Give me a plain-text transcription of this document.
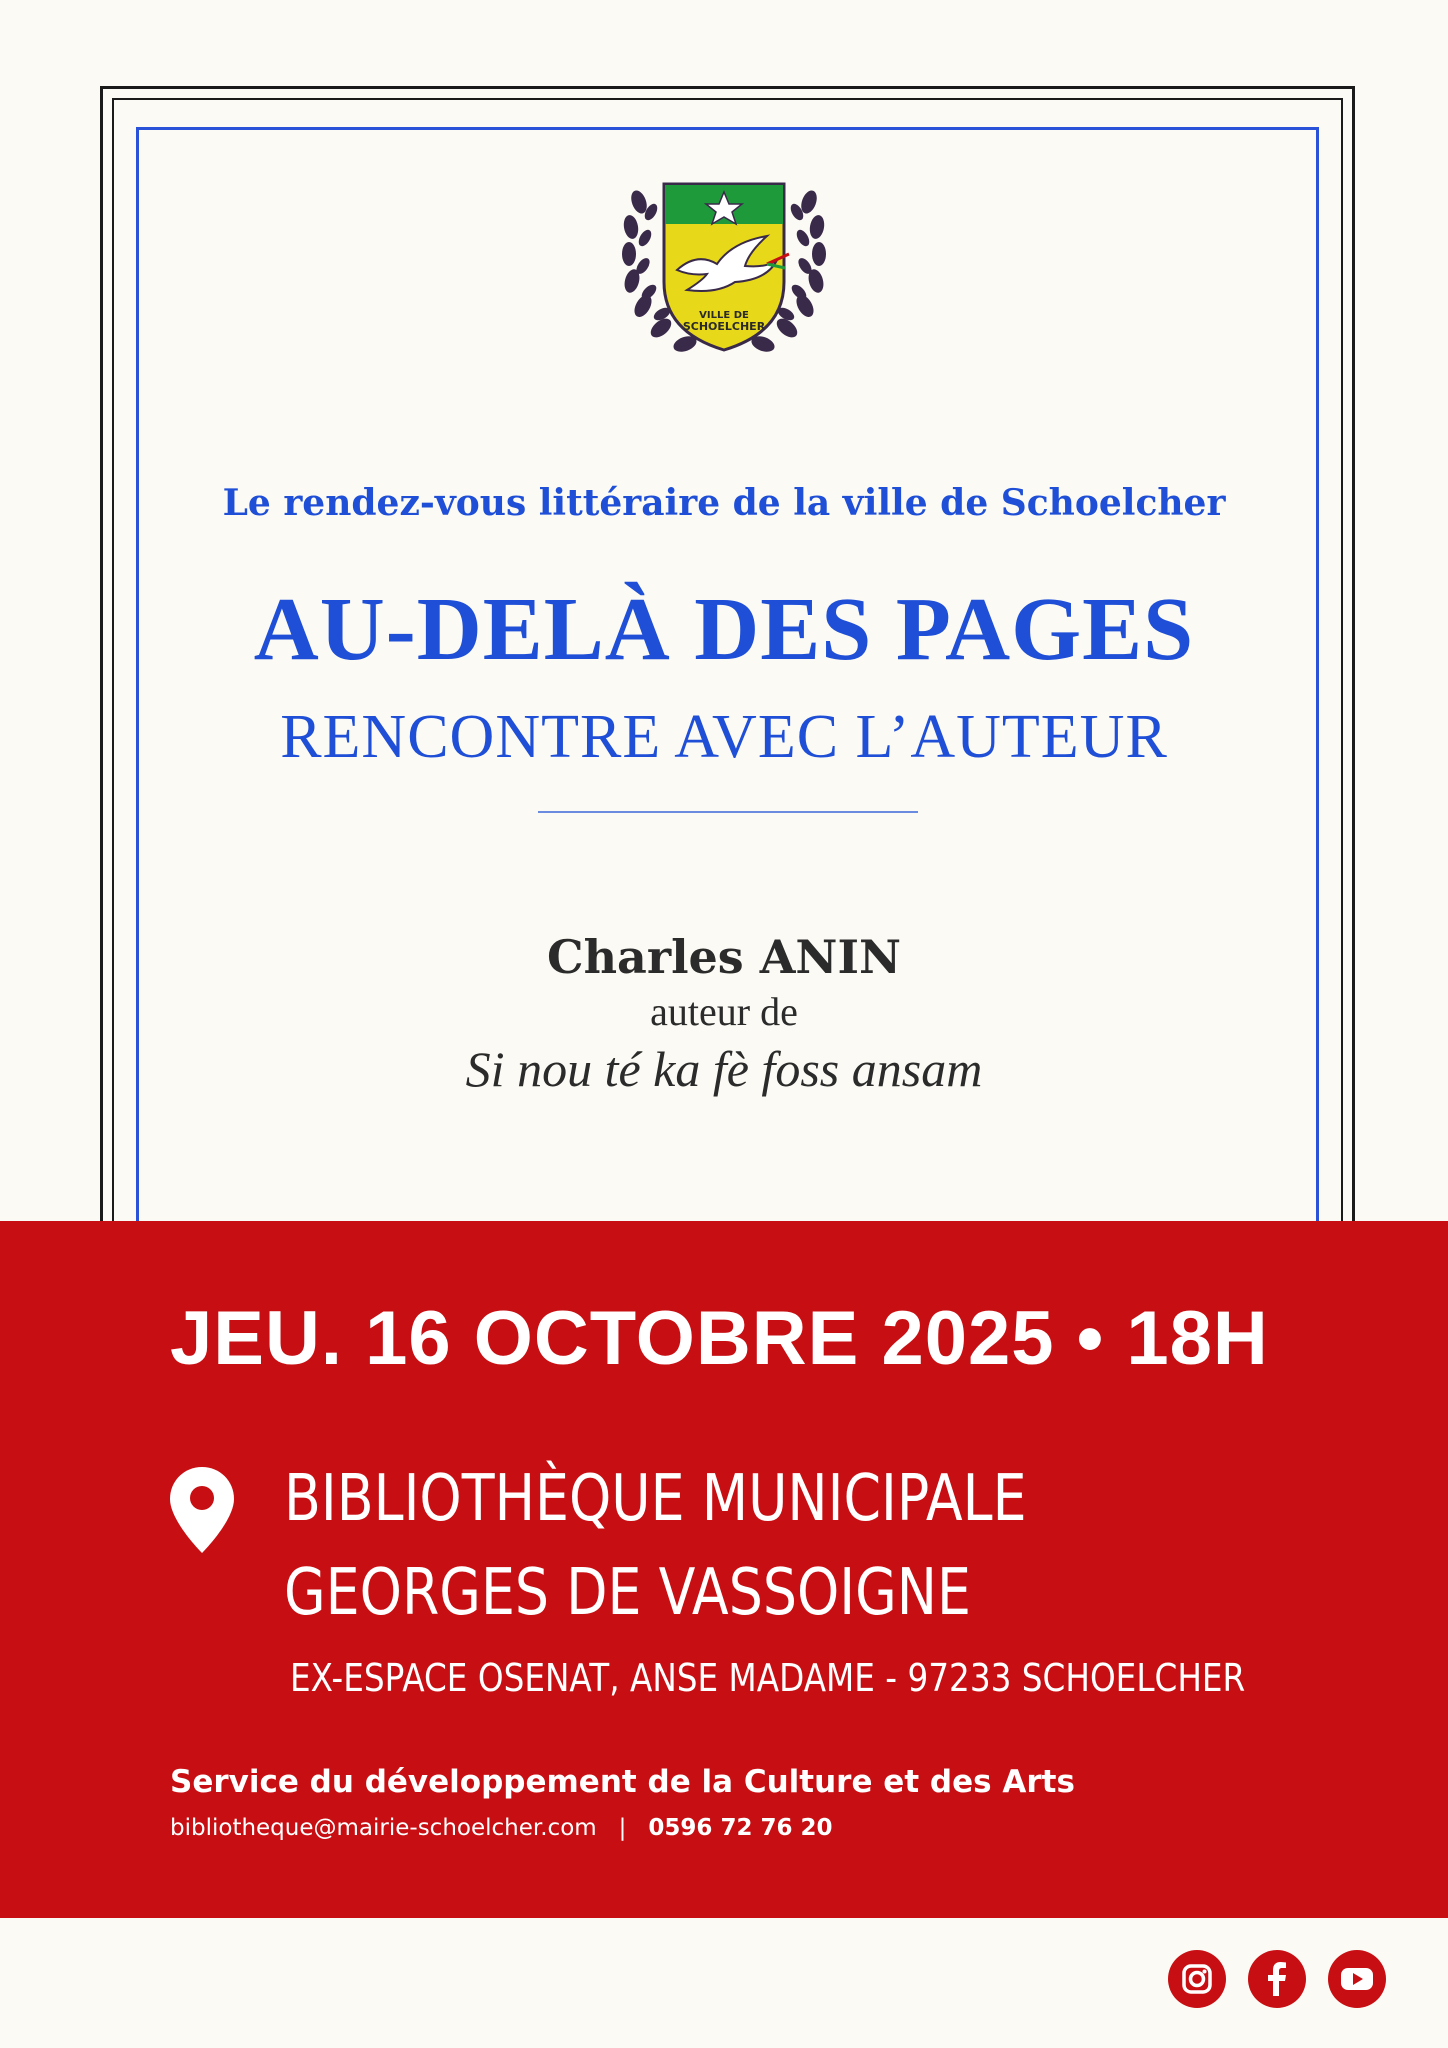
VILLE DE
SCHOELCHER
Le rendez-vous littéraire de la ville de Schoelcher
AU-DELÀ DES PAGES
RENCONTRE AVEC L’AUTEUR
Charles ANIN
auteur de
Si nou té ka fè foss ansam
JEU. 16 OCTOBRE 2025 • 18H
BIBLIOTHÈQUE MUNICIPALE
GEORGES DE VASSOIGNE
EX-ESPACE OSENAT, ANSE MADAME - 97233 SCHOELCHER
Service du développement de la Culture et des Arts
bibliotheque@mairie-schoelcher.com | 0596 72 76 20
